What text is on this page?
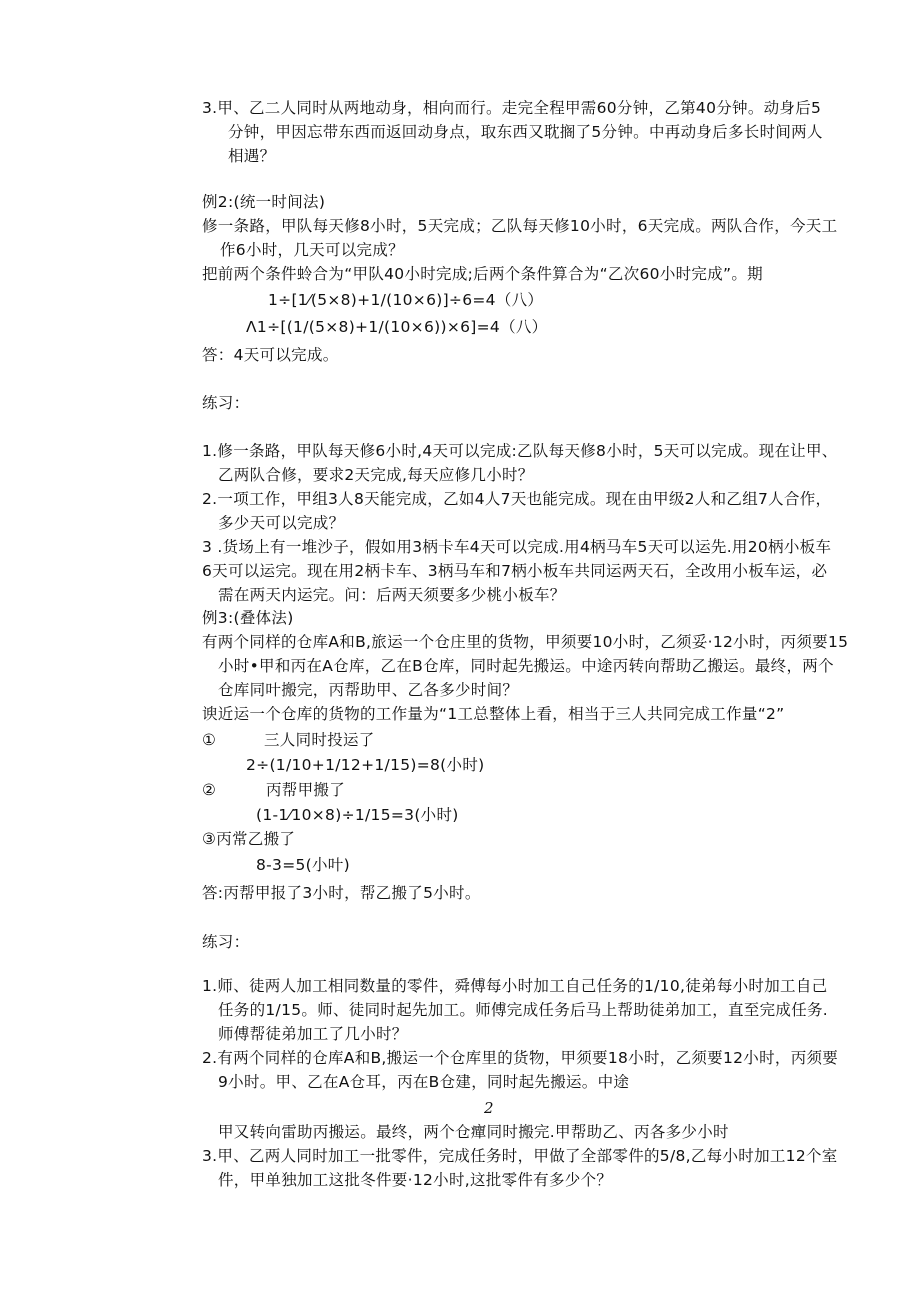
3.甲、乙二人同时从两地动身，相向而行。走完全程甲需60分钟，乙第40分钟。动身后5
分钟，甲因忘带东西而返回动身点，取东西又耽搁了5分钟。中再动身后多长时间两人
相遇？
例2:(统一时间法)
修一条路，甲队每天修8小时，5天完成；乙队每天修10小时，6天完成。两队合作，今天工
作6小时，几天可以完成？
把前两个条件蛉合为“甲队40小时完成;后两个条件算合为“乙次60小时完成”。期
1÷[1⁄(5×8)+1/(10×6)]÷6=4（八）
Λ1÷[(1/(5×8)+1/(10×6))×6]=4（八）
答：4天可以完成。
练习：
1.修一条路，甲队每天修6小时,4天可以完成:乙队每天修8小时，5天可以完成。现在让甲、
乙两队合修，要求2天完成,每天应修几小时？
2.一项工作，甲组3人8天能完成，乙如4人7天也能完成。现在由甲级2人和乙组7人合作，
多少天可以完成？
3 .货场上有一堆沙子，假如用3柄卡车4天可以完成.用4柄马车5天可以运先.用20柄小板车
6天可以运完。现在用2柄卡车、3柄马车和7柄小板车共同运两天石，全改用小板车运，必
需在两天内运完。问：后两天须要多少桃小板车？
例3:(叠体法)
有两个同样的仓库A和B,旅运一个仓庄里的货物，甲须要10小时，乙须妥·12小时，丙须要15
小时•甲和丙在A仓库，乙在B仓库，同时起先搬运。中途丙转向帮助乙搬运。最终，两个
仓库同叶搬完，丙帮助甲、乙各多少时间？
谀近运一个仓库的货物的工作量为“1工总整体上看，相当于三人共同完成工作量“2”
①	三人同时投运了
2÷(1/10+1/12+1/15)=8(小时)
②	丙帮甲搬了
(1-1⁄10×8)÷1/15=3(小时)
③丙常乙搬了
8-3=5(小叶)
答:丙帮甲报了3小时，帮乙搬了5小时。
练习：
1.师、徒两人加工相同数量的零件，舜傅每小时加工自己任务的1/10,徒弟每小时加工自己
任务的1/15。师、徒同时起先加工。师傅完成任务后马上帮助徒弟加工，直至完成任务.
师傅帮徒弟加工了几小时？
2.有两个同样的仓库A和B,搬运一个仓库里的货物，甲须要18小时，乙须要12小时，丙须要
9小时。甲、乙在A仓耳，丙在B仓建，同时起先搬运。中途
2
甲又转向雷助丙搬运。最终，两个仓癉同时搬完.甲帮助乙、丙各多少小时
3.甲、乙两人同时加工一批零件，完成任务时，甲做了全部零件的5/8,乙每小时加工12个室
件，甲单独加工这批冬件要·12小时,这批零件有多少个？
